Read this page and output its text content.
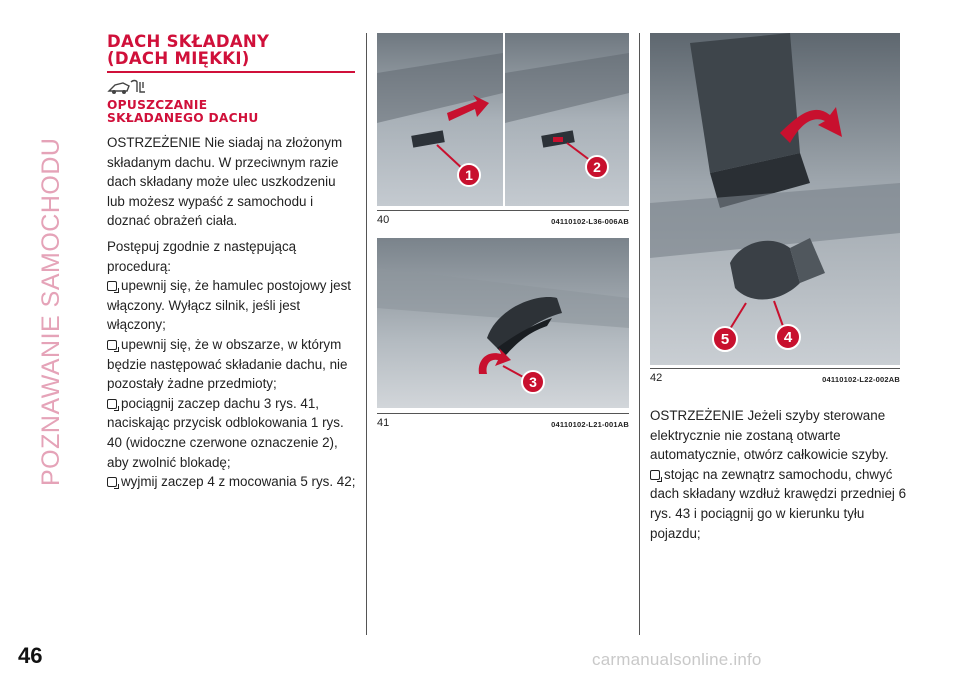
POZNAWANIE SAMOCHODU
46
DACH SKŁADANY
(DACH MIĘKKI)
OPUSZCZANIE
SKŁADANEGO DACHU
OSTRZEŻENIE Nie siadaj na złożonym składanym dachu. W przeciwnym razie dach składany może ulec uszkodzeniu lub możesz wypaść z samochodu i doznać obrażeń ciała.
Postępuj zgodnie z następującą procedurą:
upewnij się, że hamulec postojowy jest włączony. Wyłącz silnik, jeśli jest włączony;
upewnij się, że w obszarze, w którym będzie następować składanie dachu, nie pozostały żadne przedmioty;
pociągnij zaczep dachu 3 rys. 41, naciskając przycisk odblokowania 1 rys. 40 (widoczne czerwone oznaczenie 2), aby zwolnić blokadę;
wyjmij zaczep 4 z mocowania 5 rys. 42;
1	2
40	04110102-L36-006AB
3
41	04110102-L21-001AB
5	4
42	04110102-L22-002AB
OSTRZEŻENIE Jeżeli szyby sterowane elektrycznie nie zostaną otwarte automatycznie, otwórz całkowicie szyby.
stojąc na zewnątrz samochodu, chwyć dach składany wzdłuż krawędzi przedniej 6 rys. 43 i pociągnij go w kierunku tyłu pojazdu;
carmanualsonline.info
